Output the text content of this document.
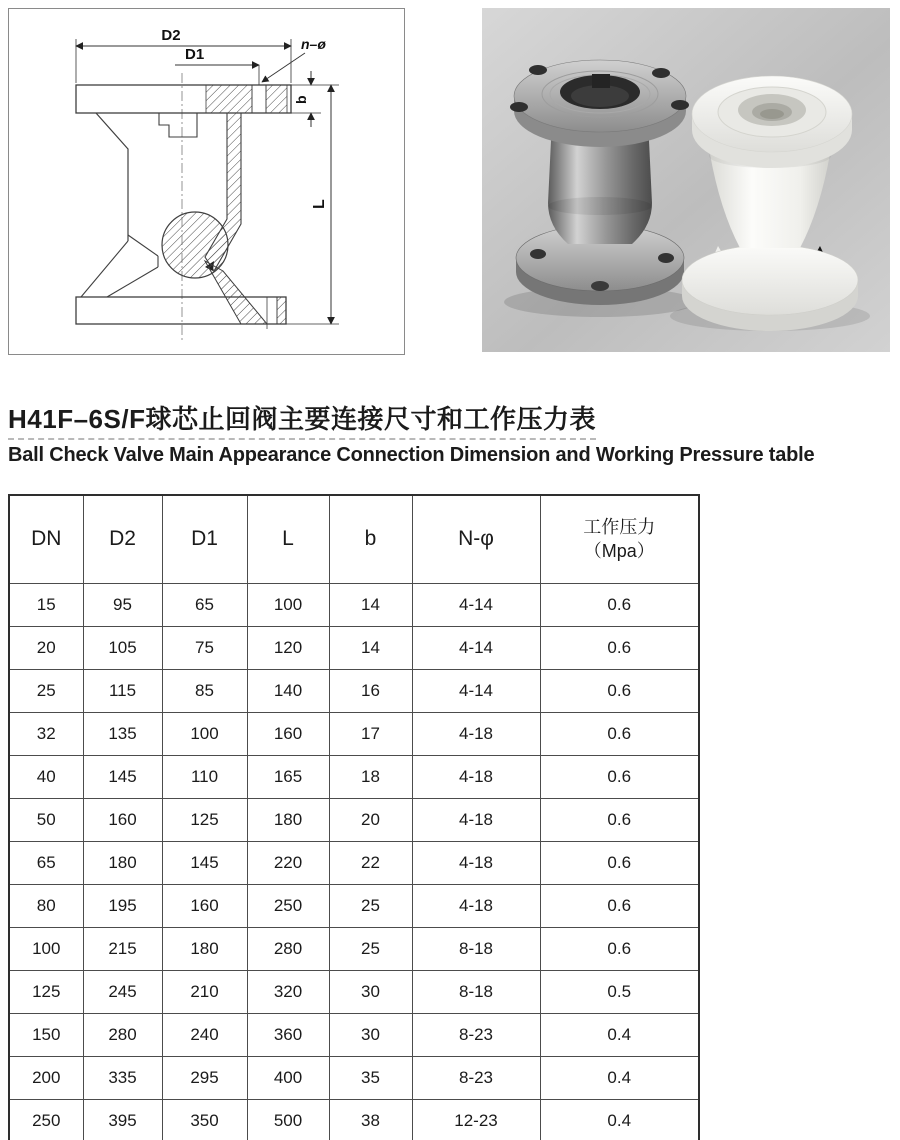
D2
D1
n–ø
b
L
H41F–6S/F球芯止回阀主要连接尺寸和工作压力表
Ball Check Valve Main Appearance Connection Dimension and Working Pressure table
DN	D2	D1	L	b	N-φ	工作压力
（Mpa）

15	95	65	100	14	4-14	0.6
20	105	75	120	14	4-14	0.6
25	115	85	140	16	4-14	0.6
32	135	100	160	17	4-18	0.6
40	145	110	165	18	4-18	0.6
50	160	125	180	20	4-18	0.6
65	180	145	220	22	4-18	0.6
80	195	160	250	25	4-18	0.6
100	215	180	280	25	8-18	0.6
125	245	210	320	30	8-18	0.5
150	280	240	360	30	8-23	0.4
200	335	295	400	35	8-23	0.4
250	395	350	500	38	12-23	0.4
